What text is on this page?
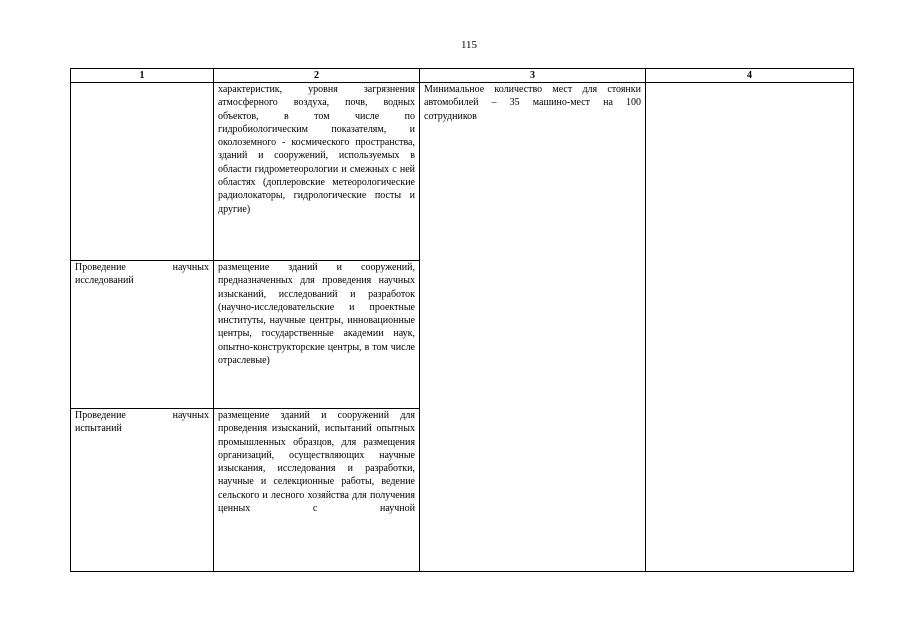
115
1	2	3	4
	характеристик, уровня загрязнения атмосферного воздуха, почв, водных объектов, в том числе по гидробиологическим показателям, и околоземного - космического пространства, зданий и сооружений, используемых в области гидрометеорологии и смежных с ней областях (доплеровские метеорологические радиолокаторы, гидрологические посты и другие)	Минимальное количество мест для стоянки автомобилей – 35 машино-мест на 100 сотрудников	
Проведение научных исследований	размещение зданий и сооружений, предназначенных для проведения научных изысканий, исследований и разработок (научно-исследовательские и проектные институты, научные центры, инновационные центры, государственные академии наук, опытно-конструкторские центры, в том числе отраслевые)		
Проведение научных испытаний	размещение зданий и сооружений для проведения изысканий, испытаний опытных промышленных образцов, для размещения организаций, осуществляющих научные изыскания, исследования и разработки, научные и селекционные работы, ведение сельского и лесного хозяйства для получения ценных с научной		
